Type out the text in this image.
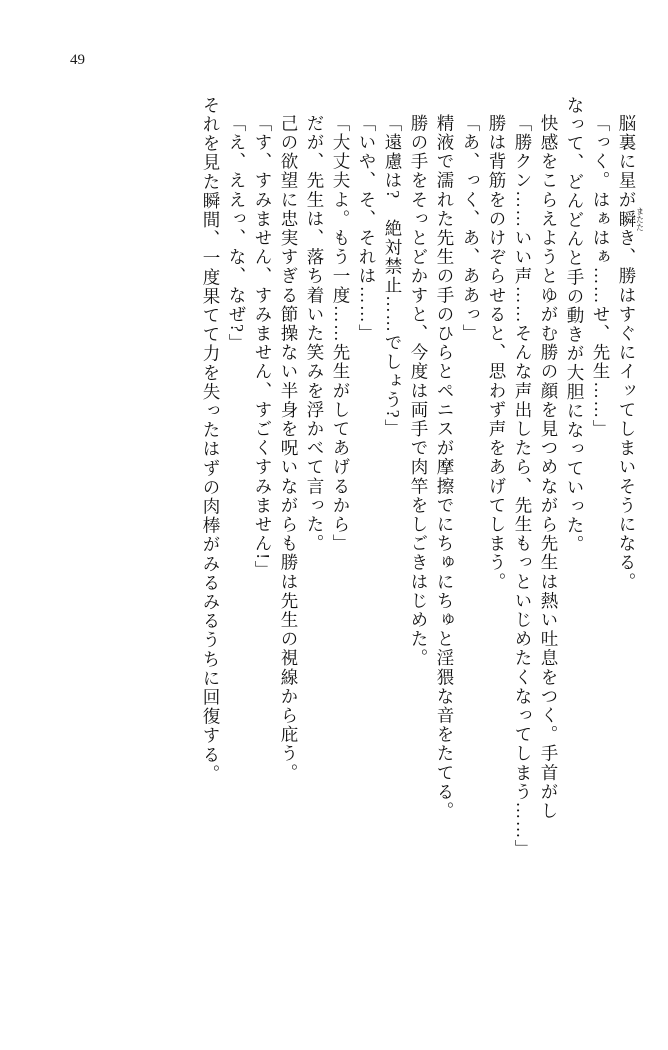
49
それを見た瞬間、一度果てて力を失ったはずの肉棒がみるみるうちに回復する。 「え、ええっ、な、なぜ?」 「す、すみません、すみません、すごくすみません!」 己の欲望に忠実すぎる節操ない半身を呪いながらも勝は先生の視線から庇う。 だが、先生は、落ち着いた笑みを浮かべて言った。 「大丈夫よ。もう一度……先生がしてあげるから」 「いや、そ、それは……」 「遠慮は?　絶対禁止……でしょう?」 勝の手をそっとどかすと、今度は両手で肉竿をしごきはじめた。 精液で濡れた先生の手のひらとペニスが摩擦でにちゅにちゅと淫猥な音をたてる。 「あ、っく、あ、ああっ」 勝は背筋をのけぞらせると、思わず声をあげてしまう。 「勝クン……いい声……そんな声出したら、先生もっといじめたくなってしまう……」 快感をこらえようとゆがむ勝の顔を見つめながら先生は熱い吐息をつく。手首がし なって、どんどんと手の動きが大胆になっていった。 「っく。はぁはぁ……せ、先生……」 脳裏に星が瞬またたき、勝はすぐにイッてしまいそうになる。
